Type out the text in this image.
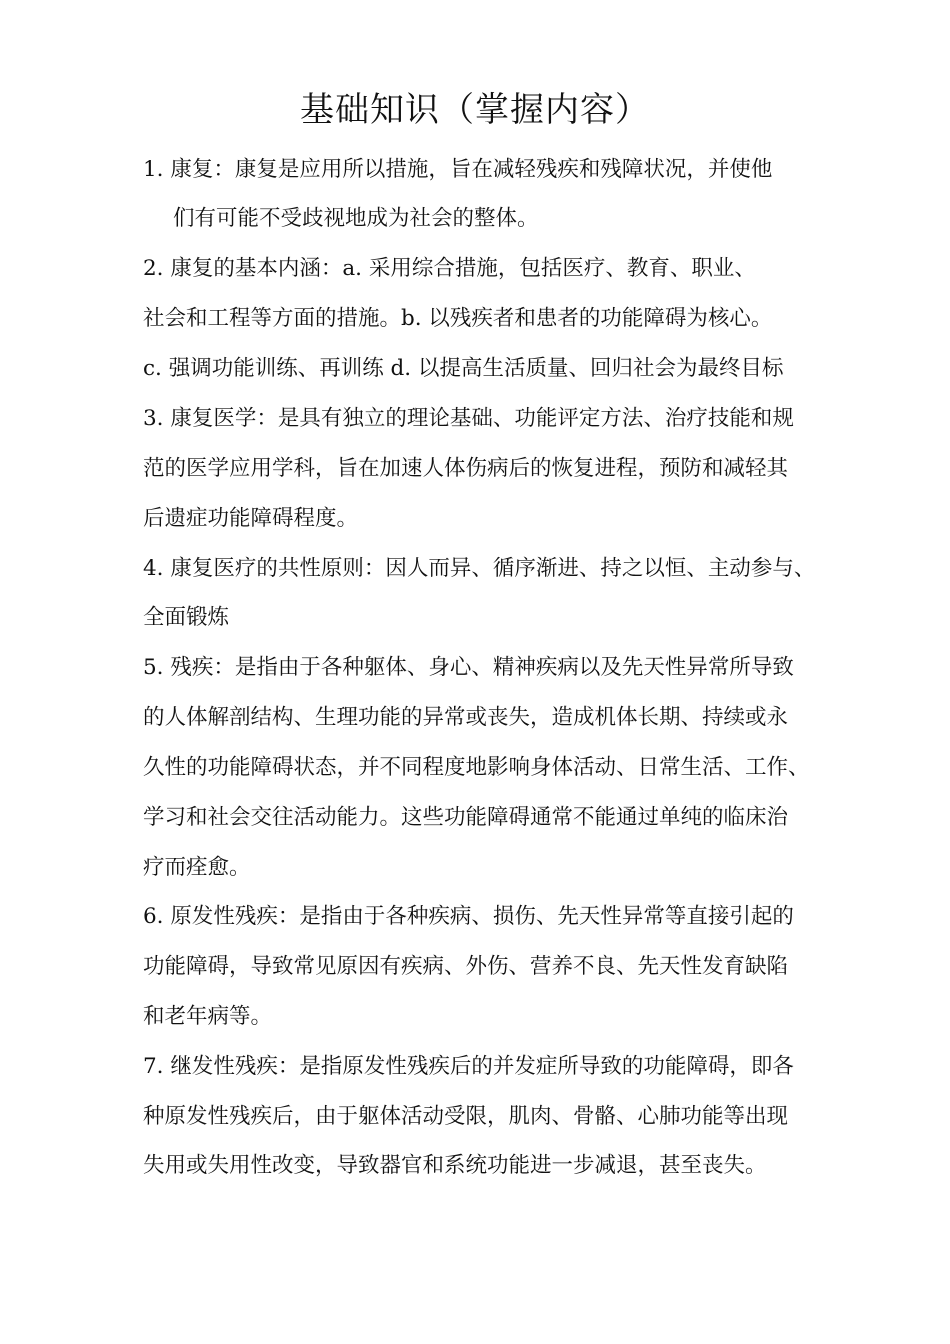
基础知识（掌握内容）
1. 康复：康复是应用所以措施，旨在减轻残疾和残障状况，并使他
们有可能不受歧视地成为社会的整体。
2. 康复的基本内涵：a. 采用综合措施，包括医疗、教育、职业、
社会和工程等方面的措施。b. 以残疾者和患者的功能障碍为核心。
c. 强调功能训练、再训练 d. 以提高生活质量、回归社会为最终目标
3. 康复医学：是具有独立的理论基础、功能评定方法、治疗技能和规
范的医学应用学科，旨在加速人体伤病后的恢复进程，预防和减轻其
后遗症功能障碍程度。
4. 康复医疗的共性原则：因人而异、循序渐进、持之以恒、主动参与、
全面锻炼
5. 残疾：是指由于各种躯体、身心、精神疾病以及先天性异常所导致
的人体解剖结构、生理功能的异常或丧失，造成机体长期、持续或永
久性的功能障碍状态，并不同程度地影响身体活动、日常生活、工作、
学习和社会交往活动能力。这些功能障碍通常不能通过单纯的临床治
疗而痊愈。
6. 原发性残疾：是指由于各种疾病、损伤、先天性异常等直接引起的
功能障碍，导致常见原因有疾病、外伤、营养不良、先天性发育缺陷
和老年病等。
7. 继发性残疾：是指原发性残疾后的并发症所导致的功能障碍，即各
种原发性残疾后，由于躯体活动受限，肌肉、骨骼、心肺功能等出现
失用或失用性改变，导致器官和系统功能进一步减退，甚至丧失。
